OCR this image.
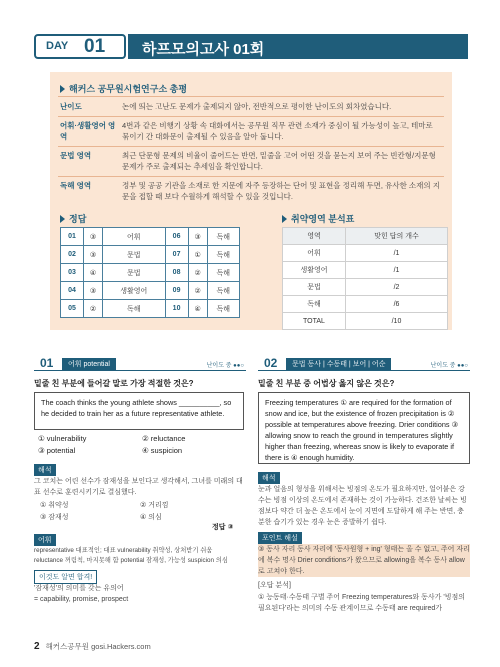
DAY 01 하프모의고사 01회
해커스 공무원시험연구소 총평
난이도	논에 띄는 고난도 문제가 출제되지 않아, 전반적으로 평이한 난이도의 회차였습니다.
어휘·생활영어 영역
4번과 같은 비행기 상황 속 대화에서는 공무원 직무 관련 소재가 중심이 될 가능성이 높고, 테마로 묶이기 간 대화문이 출제될 수 있음을 알아 둡니다.
문법 영역	최근 단문형 문제의 비율이 줄어드는 반면, 밑줄을 고어 어떤 것을 묻는지 보여 주는 빈칸형/지문형 문제가 주로 출제되는 추세임을 확인합니다.
독해 영역	정부 및 공공 기관을 소재로 한 지문에 자주 등장하는 단어 및 표현을 정리해 두면, 유사한 소재의 지문을 접할 때 보다 수월하게 해석할 수 있을 것입니다.
정답	취약영역 분석표
01	③	어휘	06	③	독해
02	③	문법	07	①	독해
03	④	문법	08	②	독해
04	③	생활영어	09	②	독해
05	②	독해	10	④	독해
영역	맞힌 답의 개수
어휘	/1
생활영어	/1
문법	/2
독해	/6
TOTAL	/10
01	어휘 potential	난이도 중 ●●○
밑줄 친 부분에 들어갈 말로 가장 적절한 것은?
The coach thinks the young athlete shows __________, so he decided to train her as a future representative athlete.
① vulnerability	② reluctance
③ potential	④ suspicion
해석
그 코치는 어린 선수가 잠재성을 보인다고 생각해서, 그녀를 미래의 대표 선수로 훈련시키기로 결심했다.
① 취약성	② 거리낌
③ 잠재성	④ 의심
정답 ③
어휘
representative 대표적인; 대표 vulnerability 취약성, 상처받기 쉬움
reluctance 꺼림칙, 마지못해 함 potential 잠재성, 가능성 suspicion 의심
이것도 알면 합격!
'잠재성'의 의미를 갖는 유의어
= capability, promise, prospect
02	문법 동사 | 수동태 | 보어 | 어순	난이도 중 ●●○
밑줄 친 부분 중 어법상 옳지 않은 것은?
Freezing temperatures ① are required for the formation of snow and ice, but the existence of frozen precipitation is ② possible at temperatures above freezing. Drier conditions ③ allowing snow to reach the ground in temperatures slightly higher than freezing, whereas snow is likely to evaporate if there is ④ enough humidity.
해석
눈과 얼음의 형성을 위해서는 빙점의 온도가 필요하지만, 얼어붙은 강수는 빙점 이상의 온도에서 존재하는 것이 가능하다. 건조한 날씨는 빙점보다 약간 더 높은 온도에서 눈이 지면에 도달하게 해 주는 반면, 충분한 습기가 있는 경우 눈은 증발하기 쉽다.
포인트 해설
③ 동사 자리 동사 자리에 '동사원형 + ing' 형태는 올 수 없고, 주어 자리에 복수 명사 Drier conditions가 왔으므로 allowing을 복수 동사 allow로 고쳐야 한다.
[오답 분석]
① 능동태·수동태 구별 주어 Freezing temperatures와 동사가 '빙점의 필요된다'라는 의미의 수동 관계이므로 수동태 are required가
2 해커스공무원 gosi.Hackers.com
